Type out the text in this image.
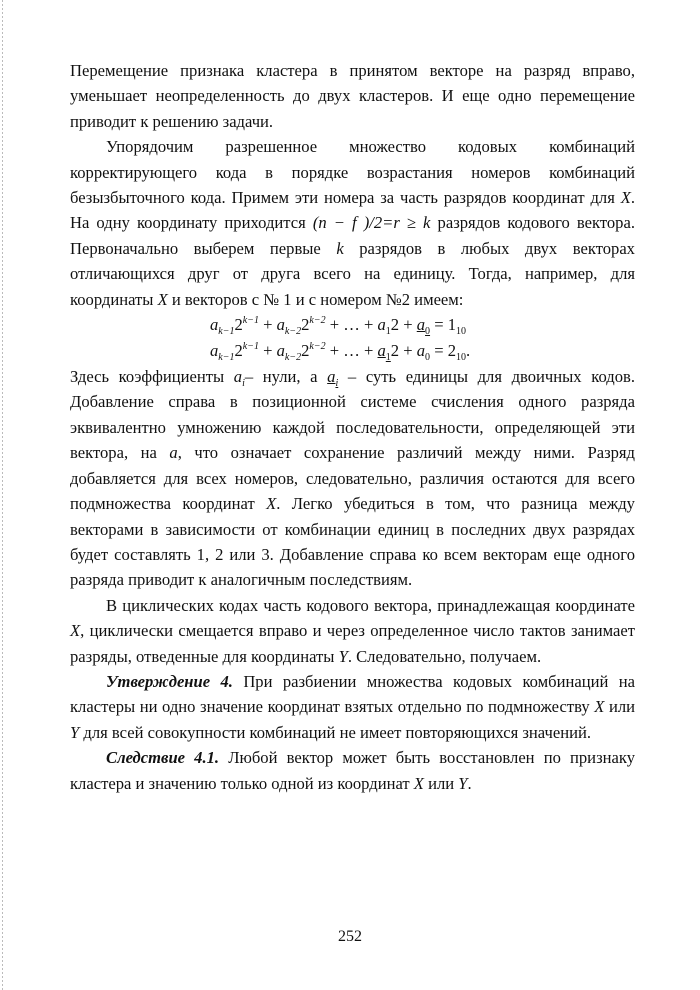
Перемещение признака кластера в принятом векторе на разряд вправо, уменьшает неопределенность до двух кластеров. И еще одно перемещение приводит к решению задачи.

Упорядочим разрешенное множество кодовых комбинаций корректирующего кода в порядке возрастания номеров комбинаций безызбыточного кода. Примем эти номера за часть разрядов координат для X. На одну координату приходится (n − f )/2=r ≥ k разрядов кодового вектора. Первоначально выберем первые k разрядов в любых двух векторах отличающихся друг от друга всего на единицу. Тогда, например, для координаты X и векторов с № 1 и с номером №2 имеем:

$a_{k-1}2^{k-1} + a_{k-2}2^{k-2}$ + … + $a_12 + a_0 = 1_{10}$
$a_{k-1}2^{k-1} + a_{k-2}2^{k-2}$ + … + $a_12 + a_0 = 2_{10}$.

Здесь коэффициенты $a_i-$ нули, а $a_i$ – суть единицы для двоичных кодов. Добавление справа в позиционной системе счисления одного разряда эквивалентно умножению каждой последовательности, определяющей эти вектора, на a, что означает сохранение различий между ними. Разряд добавляется для всех номеров, следовательно, различия остаются для всего подмножества координат X. Легко убедиться в том, что разница между векторами в зависимости от комбинации единиц в последних двух разрядах будет составлять 1, 2 или 3. Добавление справа ко всем векторам еще одного разряда приводит к аналогичным последствиям.

В циклических кодах часть кодового вектора, принадлежащая координате X, циклически смещается вправо и через определенное число тактов занимает разряды, отведенные для координаты Y. Следовательно, получаем.

Утверждение 4. При разбиении множества кодовых комбинаций на кластеры ни одно значение координат взятых отдельно по подмножеству X или Y для всей совокупности комбинаций не имеет повторяющихся значений.

Следствие 4.1. Любой вектор может быть восстановлен по признаку кластера и значению только одной из координат X или Y.

252
